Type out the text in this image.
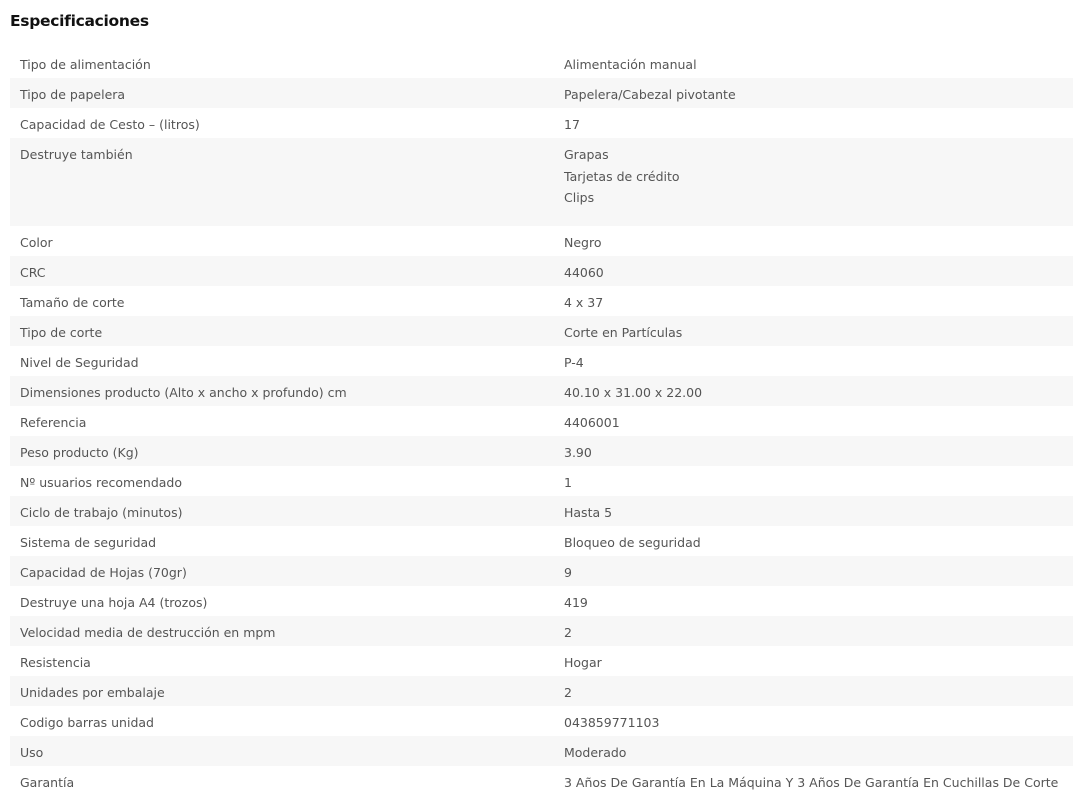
Especificaciones
Tipo de alimentación	Alimentación manual

Tipo de papelera	Papelera/Cabezal pivotante

Capacidad de Cesto – (litros)	17

Destruye también	Grapas
Tarjetas de crédito
Clips

Color	Negro

CRC	44060

Tamaño de corte	4 x 37

Tipo de corte	Corte en Partículas

Nivel de Seguridad	P-4

Dimensiones producto (Alto x ancho x profundo) cm	40.10 x 31.00 x 22.00

Referencia	4406001

Peso producto (Kg)	3.90

Nº usuarios recomendado	1

Ciclo de trabajo (minutos)	Hasta 5

Sistema de seguridad	Bloqueo de seguridad

Capacidad de Hojas (70gr)	9

Destruye una hoja A4 (trozos)	419

Velocidad media de destrucción en mpm	2

Resistencia	Hogar

Unidades por embalaje	2

Codigo barras unidad	043859771103

Uso	Moderado

Garantía	3 Años De Garantía En La Máquina Y 3 Años De Garantía En Cuchillas De Corte
